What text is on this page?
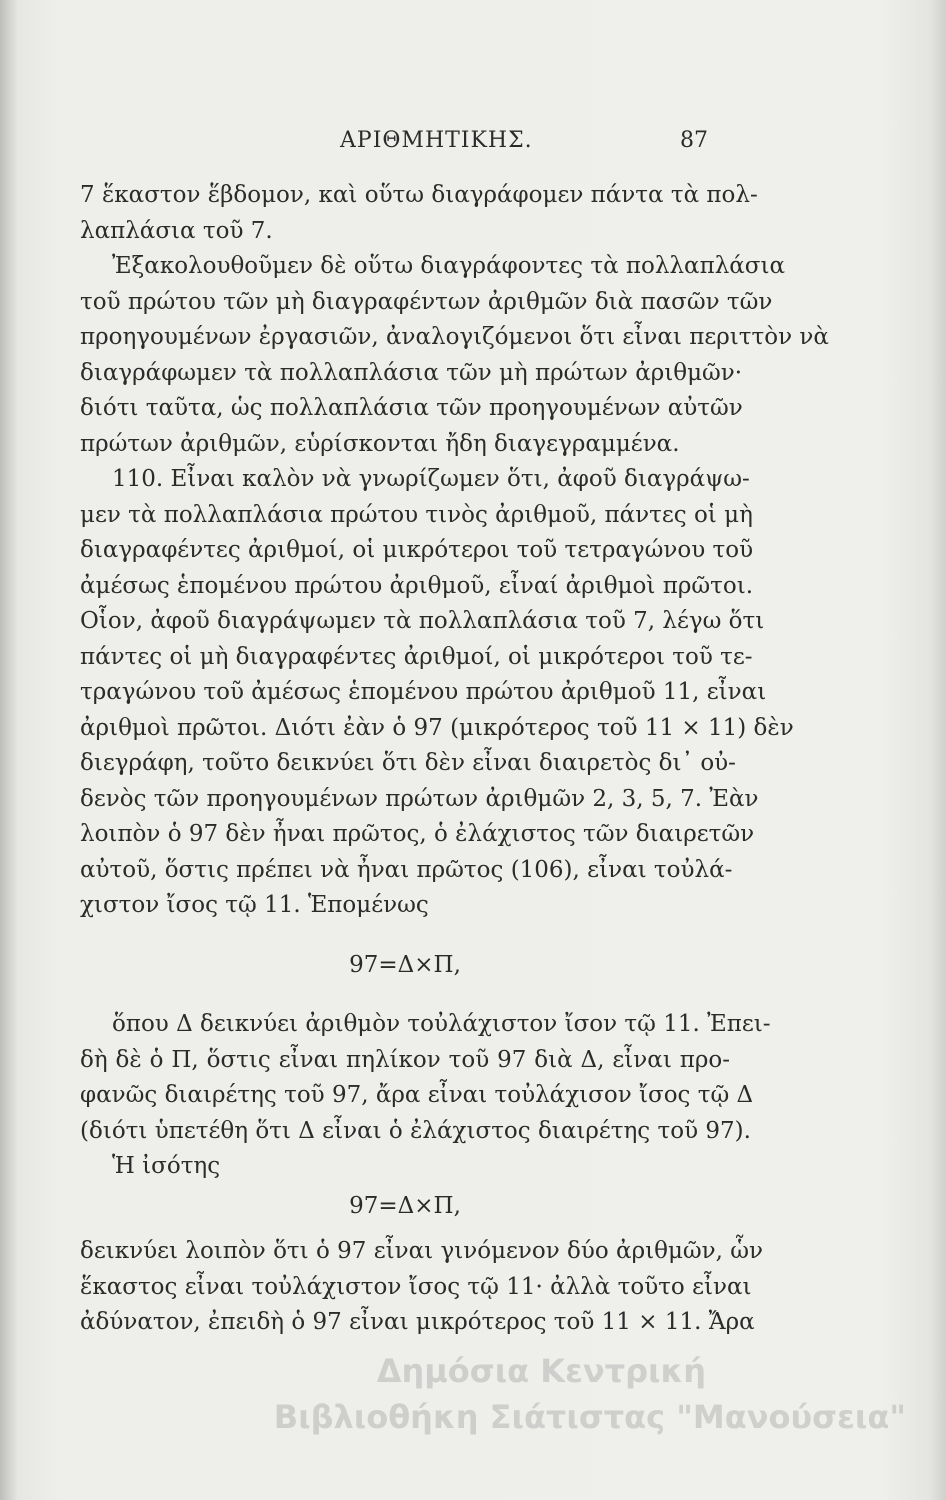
ΑΡΙΘΜΗΤΙΚΗΣ.	87
7 ἕκαστον ἕβδομον, καὶ οὕτω διαγράφομεν πάντα τὰ πολ-
λαπλάσια τοῦ 7.
Ἐξακολουθοῦμεν δὲ οὕτω διαγράφοντες τὰ πολλαπλάσια
τοῦ πρώτου τῶν μὴ διαγραφέντων ἀριθμῶν διὰ πασῶν τῶν
προηγουμένων ἐργασιῶν, ἀναλογιζόμενοι ὅτι εἶναι περιττὸν νὰ
διαγράφωμεν τὰ πολλαπλάσια τῶν μὴ πρώτων ἀριθμῶν·
διότι ταῦτα, ὡς πολλαπλάσια τῶν προηγουμένων αὐτῶν
πρώτων ἀριθμῶν, εὑρίσκονται ἤδη διαγεγραμμένα.
110. Εἶναι καλὸν νὰ γνωρίζωμεν ὅτι, ἀφοῦ διαγράψω-
μεν τὰ πολλαπλάσια πρώτου τινὸς ἀριθμοῦ, πάντες οἱ μὴ
διαγραφέντες ἀριθμοί, οἱ μικρότεροι τοῦ τετραγώνου τοῦ
ἀμέσως ἑπομένου πρώτου ἀριθμοῦ, εἶναί ἀριθμοὶ πρῶτοι.
Οἷον, ἀφοῦ διαγράψωμεν τὰ πολλαπλάσια τοῦ 7, λέγω ὅτι
πάντες οἱ μὴ διαγραφέντες ἀριθμοί, οἱ μικρότεροι τοῦ τε-
τραγώνου τοῦ ἀμέσως ἑπομένου πρώτου ἀριθμοῦ 11, εἶναι
ἀριθμοὶ πρῶτοι. Διότι ἐὰν ὁ 97 (μικρότερος τοῦ 11 × 11) δὲν
διεγράφη, τοῦτο δεικνύει ὅτι δὲν εἶναι διαιρετὸς δι᾽ οὐ-
δενὸς τῶν προηγουμένων πρώτων ἀριθμῶν 2, 3, 5, 7. Ἐὰν
λοιπὸν ὁ 97 δὲν ἦναι πρῶτος, ὁ ἐλάχιστος τῶν διαιρετῶν
αὐτοῦ, ὅστις πρέπει νὰ ἦναι πρῶτος (106), εἶναι τοὐλά-
χιστον ἴσος τῷ 11. Ἑπομένως
97=Δ×Π,
ὅπου Δ δεικνύει ἀριθμὸν τοὐλάχιστον ἴσον τῷ 11. Ἐπει-
δὴ δὲ ὁ Π, ὅστις εἶναι πηλίκον τοῦ 97 διὰ Δ, εἶναι προ-
φανῶς διαιρέτης τοῦ 97, ἄρα εἶναι τοὐλάχισον ἴσος τῷ Δ
(διότι ὑπετέθη ὅτι Δ εἶναι ὁ ἐλάχιστος διαιρέτης τοῦ 97).
Ἡ ἰσότης
97=Δ×Π,
δεικνύει λοιπὸν ὅτι ὁ 97 εἶναι γινόμενον δύο ἀριθμῶν, ὧν
ἕκαστος εἶναι τοὐλάχιστον ἴσος τῷ 11· ἀλλὰ τοῦτο εἶναι
ἀδύνατον, ἐπειδὴ ὁ 97 εἶναι μικρότερος τοῦ 11 × 11. Ἄρα
Δημόσια Κεντρική
Βιβλιοθήκη Σιάτιστας "Μανούσεια"
